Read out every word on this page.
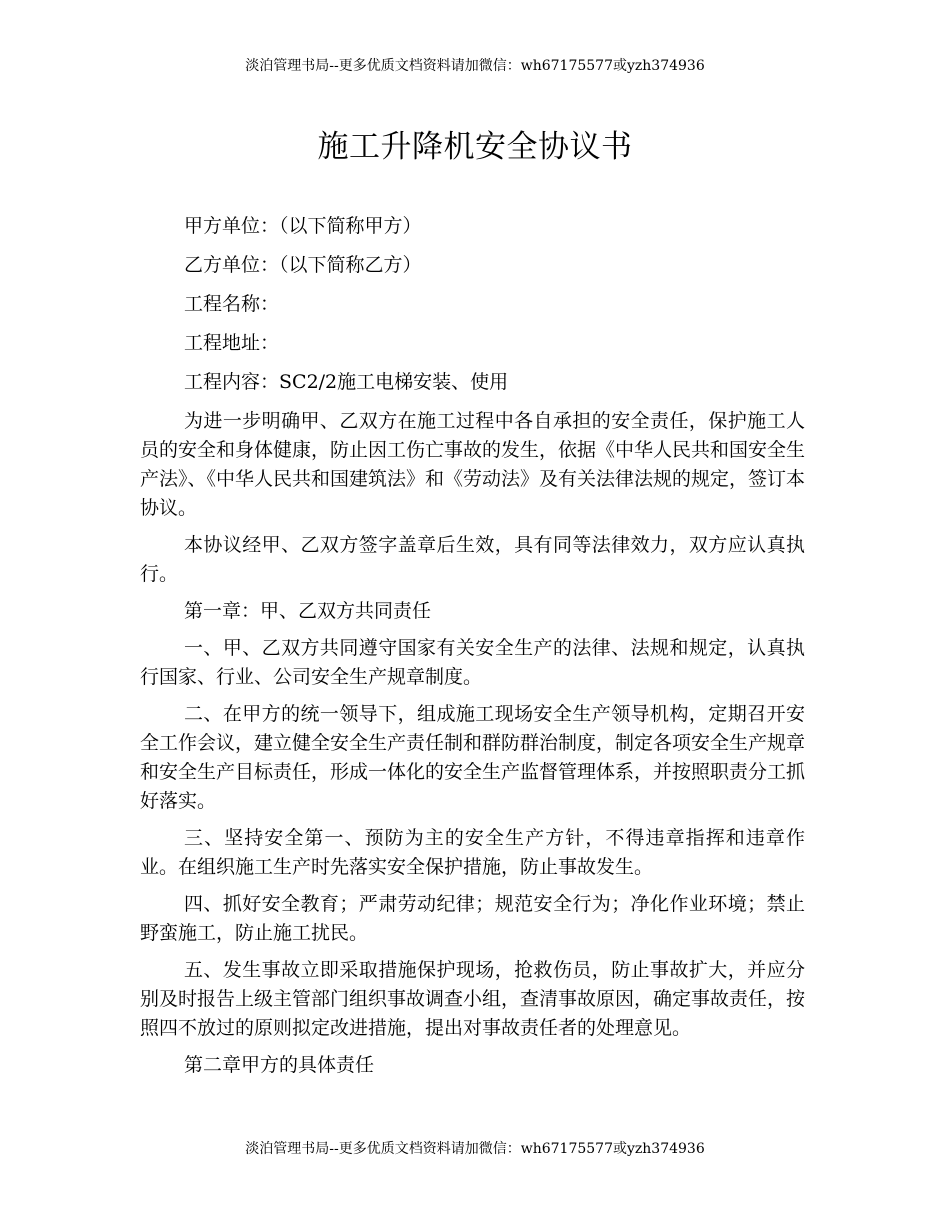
淡泊管理书局--更多优质文档资料请加微信：wh67175577或yzh374936
施工升降机安全协议书
甲方单位：（以下简称甲方）
乙方单位：（以下简称乙方）
工程名称：
工程地址：
工程内容：SC2/2施工电梯安装、使用

为进一步明确甲、乙双方在施工过程中各自承担的安全责任，保护施工人员的安全和身体健康，防止因工伤亡事故的发生，依据《中华人民共和国安全生产法》、《中华人民共和国建筑法》和《劳动法》及有关法律法规的规定，签订本协议。

本协议经甲、乙双方签字盖章后生效，具有同等法律效力，双方应认真执行。

第一章：甲、乙双方共同责任

一、甲、乙双方共同遵守国家有关安全生产的法律、法规和规定，认真执行国家、行业、公司安全生产规章制度。

二、在甲方的统一领导下，组成施工现场安全生产领导机构，定期召开安全工作会议，建立健全安全生产责任制和群防群治制度，制定各项安全生产规章和安全生产目标责任，形成一体化的安全生产监督管理体系，并按照职责分工抓好落实。

三、坚持安全第一、预防为主的安全生产方针，不得违章指挥和违章作业。在组织施工生产时先落实安全保护措施，防止事故发生。

四、抓好安全教育；严肃劳动纪律；规范安全行为；净化作业环境；禁止野蛮施工，防止施工扰民。

五、发生事故立即采取措施保护现场，抢救伤员，防止事故扩大，并应分别及时报告上级主管部门组织事故调查小组，查清事故原因，确定事故责任，按照四不放过的原则拟定改进措施，提出对事故责任者的处理意见。

第二章甲方的具体责任

淡泊管理书局--更多优质文档资料请加微信：wh67175577或yzh374936
